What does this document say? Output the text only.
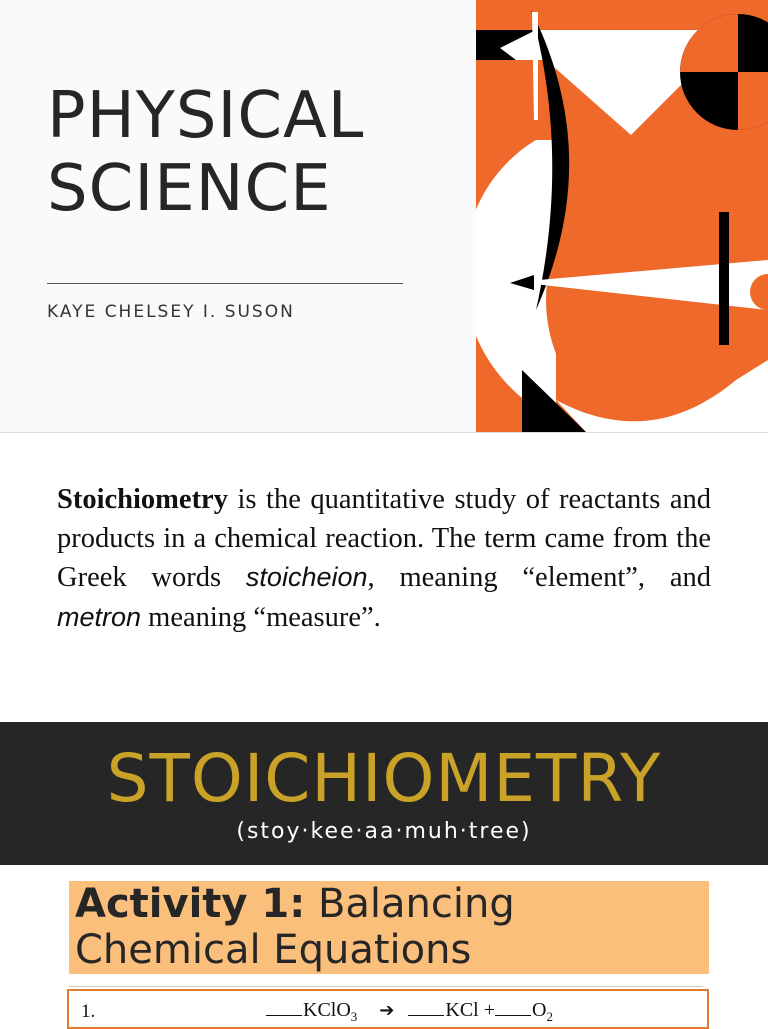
PHYSICAL
SCIENCE
KAYE CHELSEY I. SUSON

Stoichiometry is the quantitative study of reactants and products in a chemical reaction. The term came from the Greek words stoicheion, meaning “element”, and metron meaning “measure”.

STOICHIOMETRY
(stoy·kee·aa·muh·tree)
Activity 1: Balancing Chemical Equations
1.	KClO$_3$ ➔	KCl + $O_2$
